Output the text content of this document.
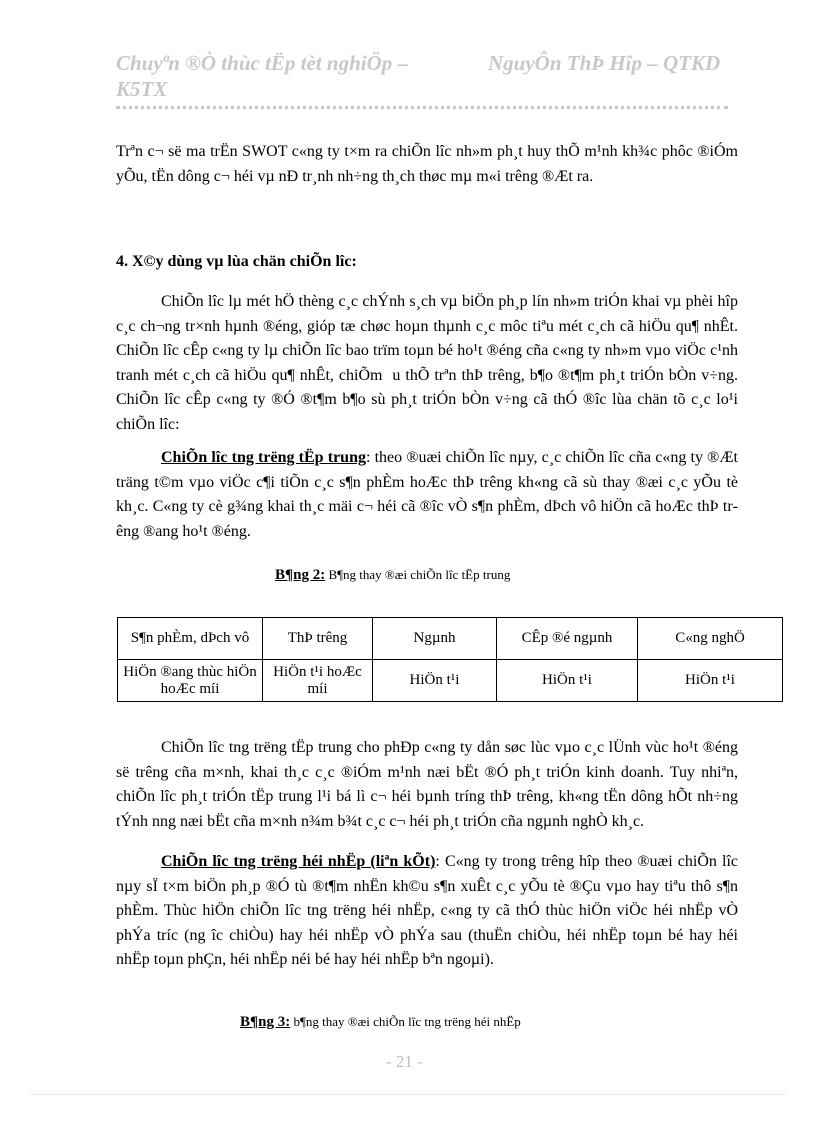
Chuyªn ®Ò thùc tËp tèt nghiÖp – K5TX
NguyÔn ThÞ Hîp – QTKD
Trªn c¬ së ma trËn SWOT c«ng ty t×m ra chiÕn lîc nh»m ph¸t huy thÕ m¹nh kh¾c phôc ®iÓm yÕu, tËn dông c¬ héi vµ nÐ tr¸nh nh÷ng th¸ch thøc mµ m«i trêng ®Æt ra.
4. X©y dùng vµ lùa chän chiÕn lîc:
ChiÕn lîc lµ mét hÖ thèng c¸c chÝnh s¸ch vµ biÖn ph¸p lín nh»m triÓn khai vµ phèi hîp c¸c ch¬ng tr×nh hµnh ®éng, gióp tæ chøc hoµn thµnh c¸c môc tiªu mét c¸ch cã hiÖu qu¶ nhÊt. ChiÕn lîc cÊp c«ng ty lµ chiÕn lîc bao trïm toµn bé ho¹t ®éng cña c«ng ty nh»m vµo viÖc c¹nh tranh mét c¸ch cã hiÖu qu¶ nhÊt, chiÕm u thÕ trªn thÞ trêng, b¶o ®t¶m ph¸t triÓn bÒn v÷ng. ChiÕn lîc cÊp c«ng ty ®Ó ®t¶m b¶o sù ph¸t triÓn bÒn v÷ng cã thÓ ®îc lùa chän tõ c¸c lo¹i chiÕn lîc:
ChiÕn lîc tng trëng tËp trung: theo ®uæi chiÕn lîc nµy, c¸c chiÕn lîc cña c«ng ty ®Æt träng t©m vµo viÖc c¶i tiÕn c¸c s¶n phÈm hoÆc thÞ trêng kh«ng cã sù thay ®æi c¸c yÕu tè kh¸c. C«ng ty cè g¾ng khai th¸c mäi c¬ héi cã ®îc vÒ s¶n phÈm, dÞch vô hiÖn cã hoÆc thÞ trêng ®ang ho¹t ®éng.
B¶ng 2: B¶ng thay ®æi chiÕn lîc tËp trung
S¶n phÈm, dÞch vô	ThÞ trêng	Ngµnh	CÊp ®é ngµnh	C«ng nghÖ
HiÖn ®ang thùc hiÖn hoÆc míi	HiÖn t¹i hoÆc míi	HiÖn t¹i	HiÖn t¹i	HiÖn t¹i
ChiÕn lîc tng trëng tËp trung cho phÐp c«ng ty dån søc lùc vµo c¸c lÜnh vùc ho¹t ®éng së trêng cña m×nh, khai th¸c c¸c ®iÓm m¹nh næi bËt ®Ó ph¸t triÓn kinh doanh. Tuy nhiªn, chiÕn lîc ph¸t triÓn tËp trung l¹i bá lì c¬ héi bµnh tríng thÞ trêng, kh«ng tËn dông hÕt nh÷ng tÝnh nng næi bËt cña m×nh n¾m b¾t c¸c c¬ héi ph¸t triÓn cña ngµnh nghÒ kh¸c.
ChiÕn lîc tng trëng héi nhËp (liªn kÕt): C«ng ty trong trêng hîp theo ®uæi chiÕn lîc nµy sÏ t×m biÖn ph¸p ®Ó tù ®t¶m nhËn kh©u s¶n xuÊt c¸c yÕu tè ®Çu vµo hay tiªu thô s¶n phÈm. Thùc hiÖn chiÕn lîc tng trëng héi nhËp, c«ng ty cã thÓ thùc hiÖn viÖc héi nhËp vÒ phÝa tríc (ng îc chiÒu) hay héi nhËp vÒ phÝa sau (thuËn chiÒu, héi nhËp toµn bé hay héi nhËp toµn phÇn, héi nhËp néi bé hay héi nhËp bªn ngoµi).
B¶ng 3: b¶ng thay ®æi chiÕn lîc tng trëng héi nhËp
- 21 -
